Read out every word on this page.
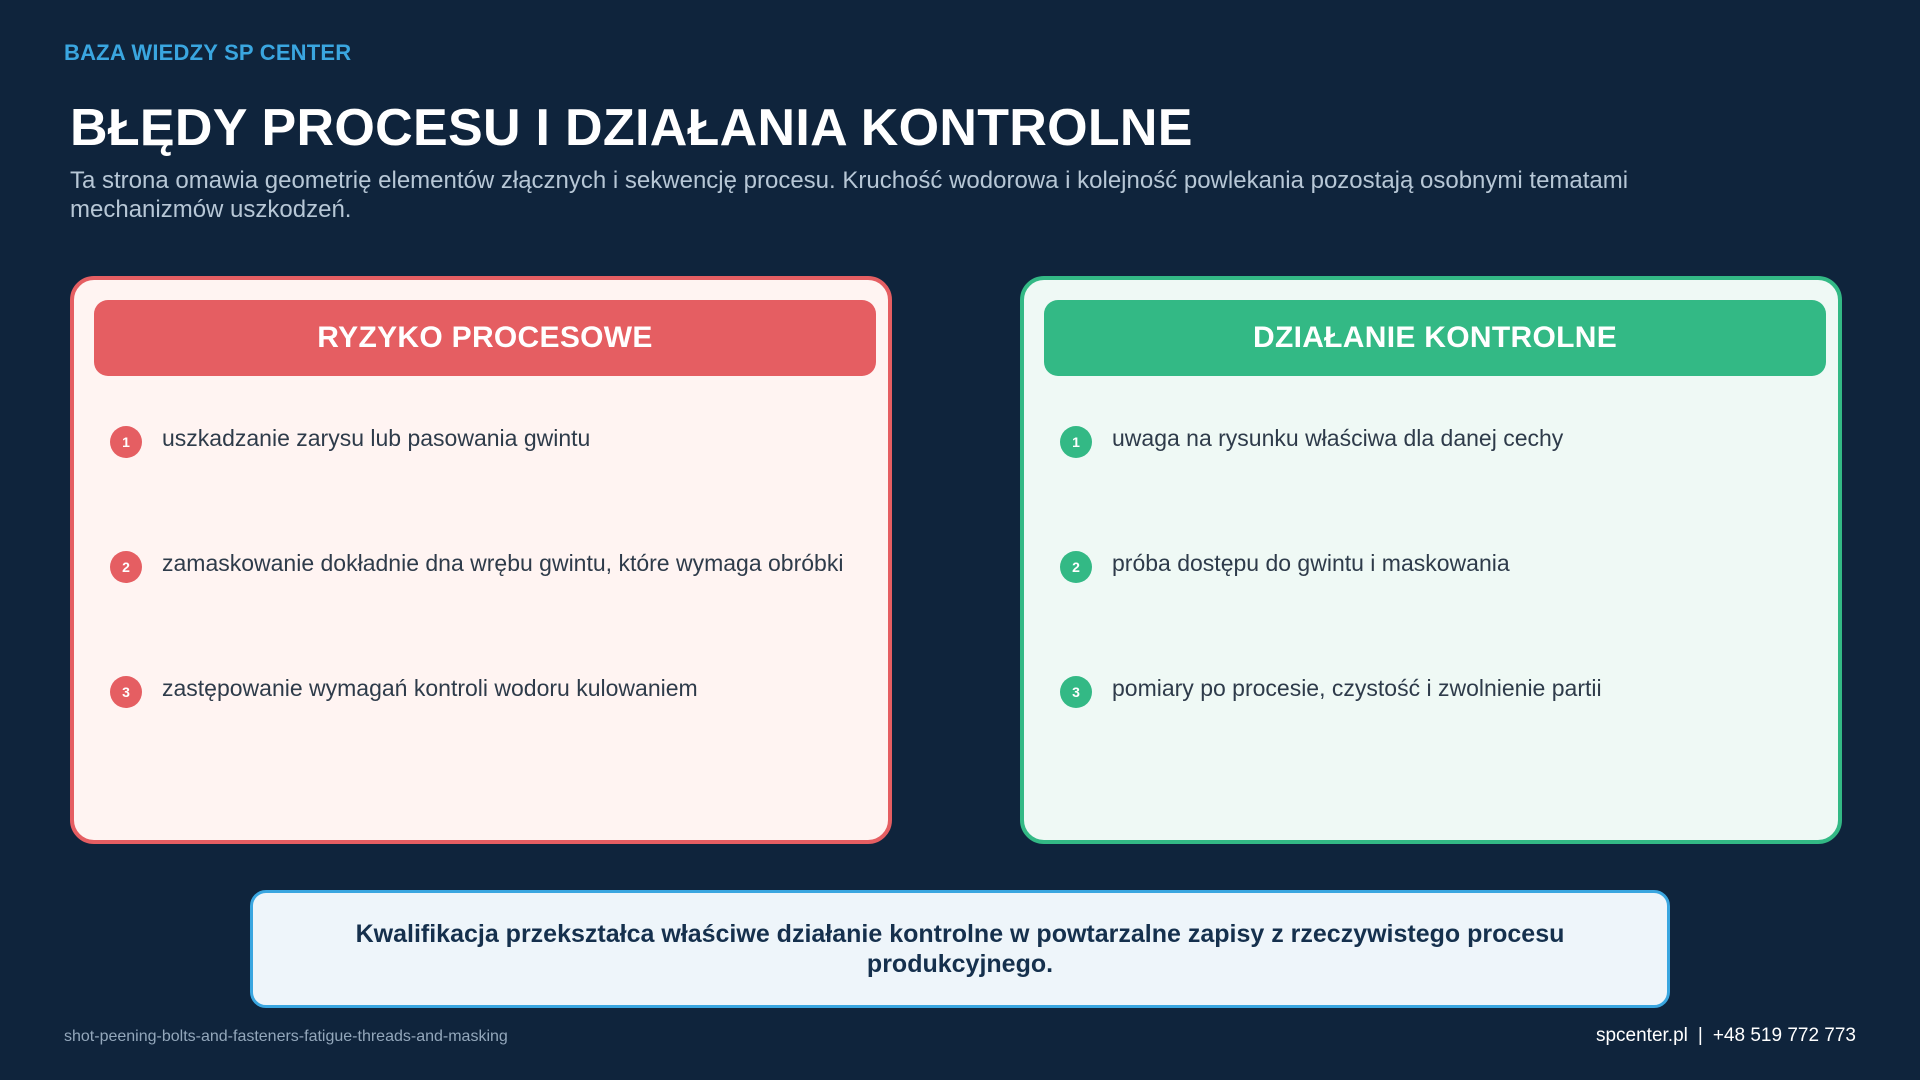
BAZA WIEDZY SP CENTER
BŁĘDY PROCESU I DZIAŁANIA KONTROLNE
Ta strona omawia geometrię elementów złącznych i sekwencję procesu. Kruchość wodorowa i kolejność powlekania pozostają osobnymi tematami mechanizmów uszkodzeń.
RYZYKO PROCESOWE
1	uszkadzanie zarysu lub pasowania gwintu
2	zamaskowanie dokładnie dna wrębu gwintu, które wymaga obróbki
3	zastępowanie wymagań kontroli wodoru kulowaniem
DZIAŁANIE KONTROLNE
1	uwaga na rysunku właściwa dla danej cechy
2	próba dostępu do gwintu i maskowania
3	pomiary po procesie, czystość i zwolnienie partii
Kwalifikacja przekształca właściwe działanie kontrolne w powtarzalne zapisy z rzeczywistego procesu produkcyjnego.
shot-peening-bolts-and-fasteners-fatigue-threads-and-masking	spcenter.pl | +48 519 772 773
